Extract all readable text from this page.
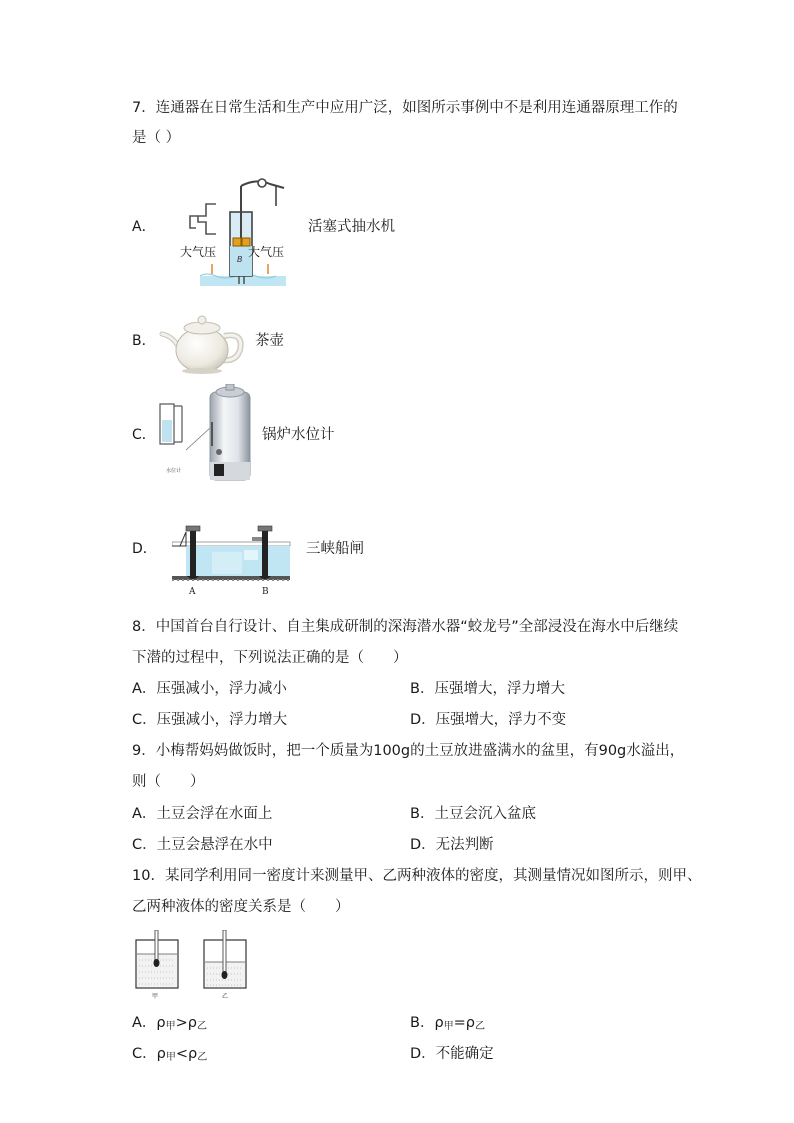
7．连通器在日常生活和生产中应用广泛，如图所示事例中不是利用连通器原理工作的
是（ ）
A．
大气压	大气压
B
活塞式抽水机
B．	茶壶
C．
水位计
锅炉水位计
D．
A	B
三峡船闸
8．中国首台自行设计、自主集成研制的深海潜水器“蛟龙号”全部浸没在海水中后继续
下潜的过程中，下列说法正确的是（　　）
A．压强减小，浮力减小	B．压强增大，浮力增大
C．压强减小，浮力增大	D．压强增大，浮力不变
9．小梅帮妈妈做饭时，把一个质量为100g的土豆放进盛满水的盆里，有90g水溢出，
则（　　）
A．土豆会浮在水面上	B．土豆会沉入盆底
C．土豆会悬浮在水中	D．无法判断
10．某同学利用同一密度计来测量甲、乙两种液体的密度，其测量情况如图所示，则甲、
乙两种液体的密度关系是（　　）
甲	乙
A．$\rho_甲>\rho_乙$	B．$\rho_甲=\rho_乙$
C．$\rho_甲<\rho_乙$	D．不能确定
